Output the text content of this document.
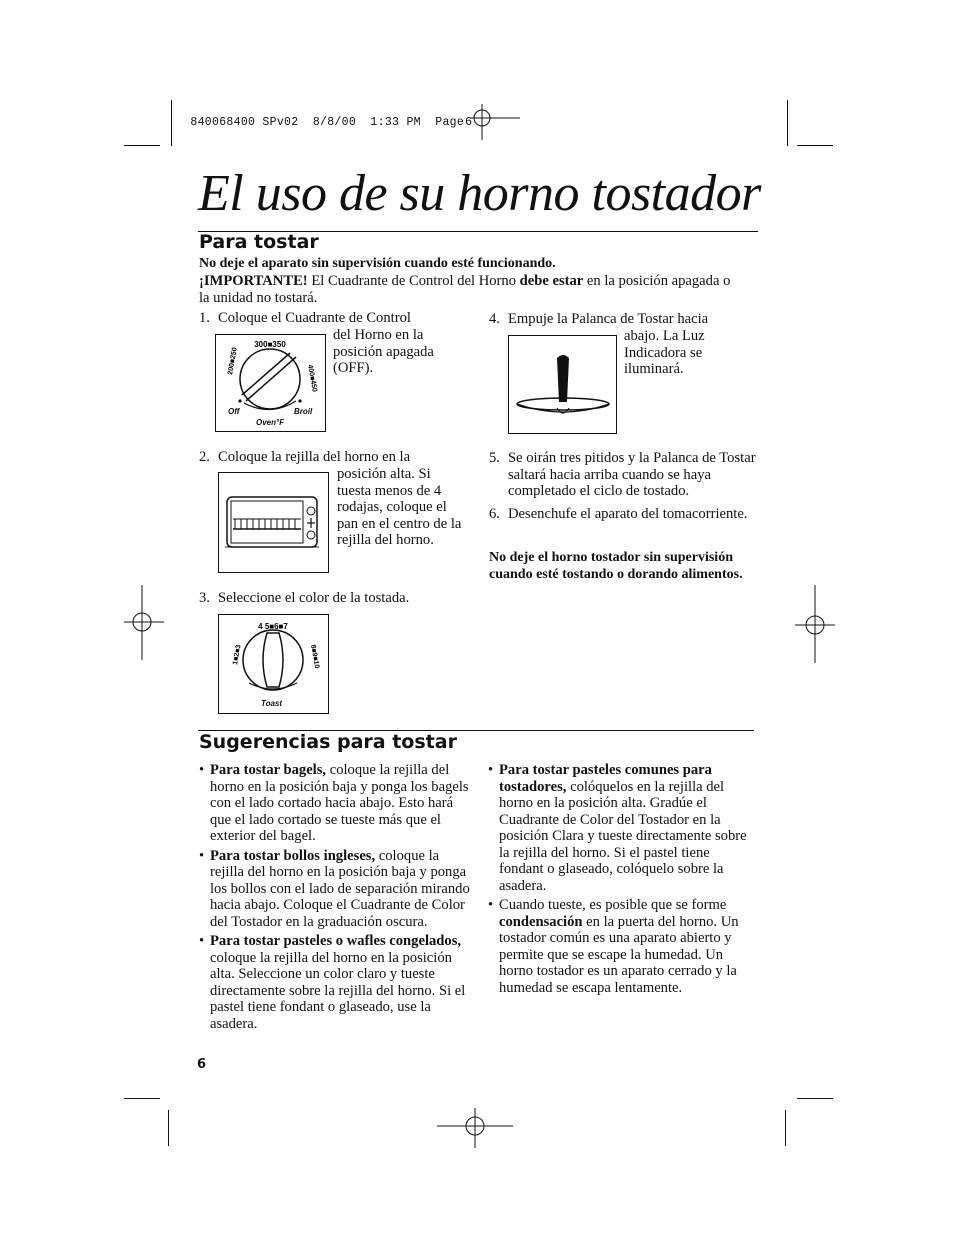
840068400 SPv02  8/8/00  1:33 PM  Page6

El uso de su horno tostador
Para tostar
No deje el aparato sin supervisión cuando esté funcionando.
¡IMPORTANTE! El Cuadrante de Control del Horno debe estar en la posición apagada o la unidad no tostará.
1. Coloque el Cuadrante de Control
del Horno en la posición apagada (OFF).
300■350
200■250
400■450
Off	Broil
Oven°F
2. Coloque la rejilla del horno en la
posición alta. Si tuesta menos de 4 rodajas, coloque el pan en el centro de la rejilla del horno.
3. Seleccione el color de la tostada.
4 5■6■7
1■2■3	8■9■10
Toast
4. Empuje la Palanca de Tostar hacia
abajo. La Luz Indicadora se iluminará.
5. Se oirán tres pitidos y la Palanca de Tostar saltará hacia arriba cuando se haya completado el ciclo de tostado.
6. Desenchufe el aparato del tomacorriente.
No deje el horno tostador sin supervisión cuando esté tostando o dorando alimentos.
Sugerencias para tostar
• Para tostar bagels, coloque la rejilla del horno en la posición baja y ponga los bagels con el lado cortado hacia abajo. Esto hará que el lado cortado se tueste más que el exterior del bagel.
• Para tostar bollos ingleses, coloque la rejilla del horno en la posición baja y ponga los bollos con el lado de separación mirando hacia abajo. Coloque el Cuadrante de Color del Tostador en la graduación oscura.
• Para tostar pasteles o wafles congelados, coloque la rejilla del horno en la posición alta. Seleccione un color claro y tueste directamente sobre la rejilla del horno. Si el pastel tiene fondant o glaseado, use la asadera.
• Para tostar pasteles comunes para tostadores, colóquelos en la rejilla del horno en la posición alta. Gradúe el Cuadrante de Color del Tostador en la posición Clara y tueste directamente sobre la rejilla del horno. Si el pastel tiene fondant o glaseado, colóquelo sobre la asadera.
• Cuando tueste, es posible que se forme condensación en la puerta del horno. Un tostador común es una aparato abierto y permite que se escape la humedad. Un horno tostador es un aparato cerrado y la humedad se escapa lentamente.
6
